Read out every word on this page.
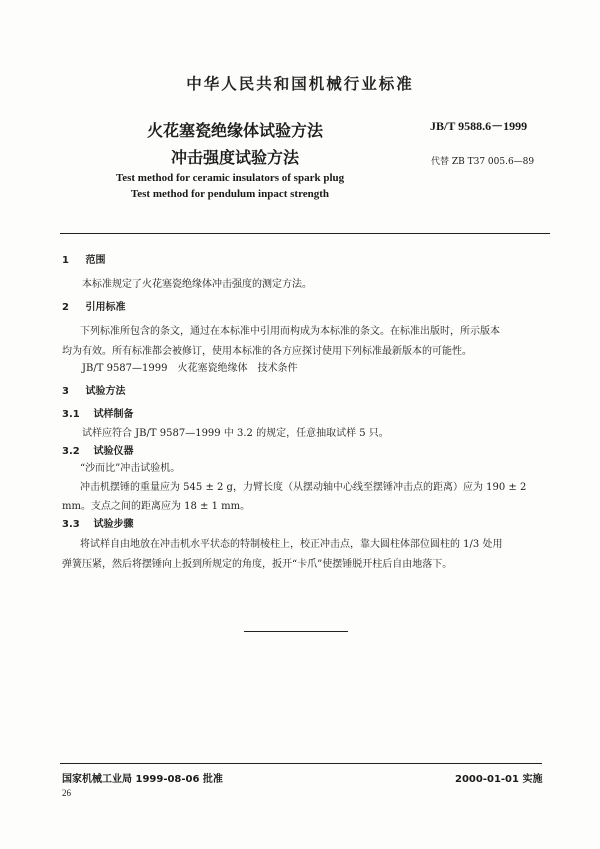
中华人民共和国机械行业标准
火花塞瓷绝缘体试验方法
冲击强度试验方法
JB/T 9588.6－1999
代替 ZB T37 005.6—89
Test method for ceramic insulators of spark plug
Test method for pendulum inpact strength
1 范围
本标准规定了火花塞瓷绝缘体冲击强度的测定方法。
2 引用标准
下列标准所包含的条文，通过在本标准中引用而构成为本标准的条文。在标准出版时，所示版本
均为有效。所有标准都会被修订，使用本标准的各方应探讨使用下列标准最新版本的可能性。
JB/T 9587—1999　火花塞瓷绝缘体　技术条件
3 试验方法
3.1 试样制备
试样应符合 JB/T 9587—1999 中 3.2 的规定，任意抽取试样 5 只。
3.2 试验仪器
“沙而比”冲击试验机。
冲击机摆锤的重量应为 545 ± 2 g，力臂长度（从摆动轴中心线至摆锤冲击点的距离）应为 190 ± 2
mm。支点之间的距离应为 18 ± 1 mm。
3.3 试验步骤
将试样自由地放在冲击机水平状态的特制棱柱上，校正冲击点，靠大圆柱体部位圆柱的 1/3 处用
弹簧压紧，然后将摆锤向上扳到所规定的角度，扳开“卡爪”使摆锤脱开柱后自由地落下。
国家机械工业局 1999-08-06 批准	2000-01-01 实施
26
